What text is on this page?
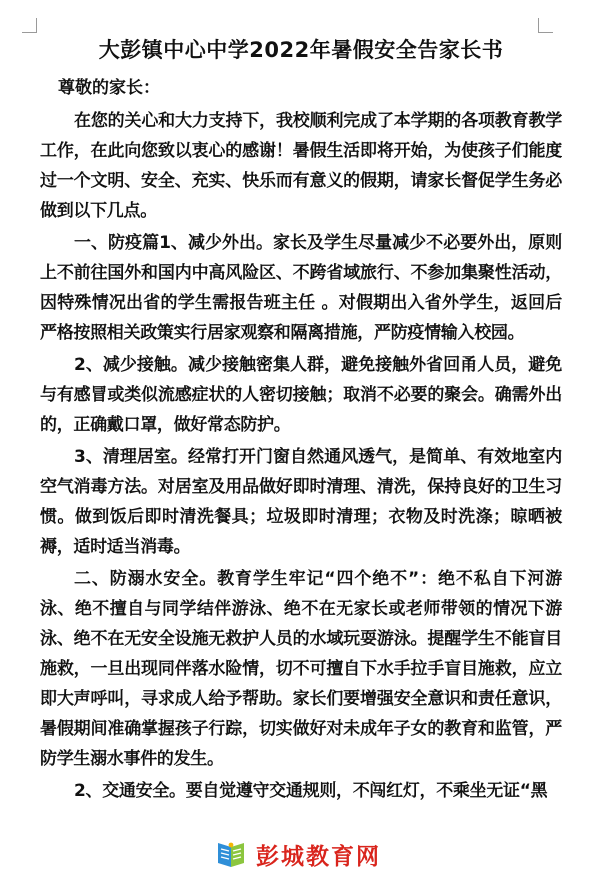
大彭镇中心中学2022年暑假安全告家长书
尊敬的家长：
在您的关心和大力支持下，我校顺利完成了本学期的各项教育教学工作，在此向您致以衷心的感谢！暑假生活即将开始，为使孩子们能度过一个文明、安全、充实、快乐而有意义的假期，请家长督促学生务必做到以下几点。
一、防疫篇1、减少外出。家长及学生尽量减少不必要外出，原则上不前往国外和国内中高风险区、不跨省域旅行、不参加集聚性活动，因特殊情况出省的学生需报告班主任 。对假期出入省外学生，返回后严格按照相关政策实行居家观察和隔离措施，严防疫情输入校园。
2、减少接触。减少接触密集人群，避免接触外省回甬人员，避免与有感冒或类似流感症状的人密切接触；取消不必要的聚会。确需外出的，正确戴口罩，做好常态防护。
3、清理居室。经常打开门窗自然通风透气，是简单、有效地室内空气消毒方法。对居室及用品做好即时清理、清洗，保持良好的卫生习惯。做到饭后即时清洗餐具；垃圾即时清理；衣物及时洗涤；晾晒被褥，适时适当消毒。
二、防溺水安全。教育学生牢记“四个绝不”：绝不私自下河游泳、绝不擅自与同学结伴游泳、绝不在无家长或老师带领的情况下游泳、绝不在无安全设施无救护人员的水域玩耍游泳。提醒学生不能盲目施救，一旦出现同伴落水险情，切不可擅自下水手拉手盲目施救，应立即大声呼叫，寻求成人给予帮助。家长们要增强安全意识和责任意识，暑假期间准确掌握孩子行踪，切实做好对未成年子女的教育和监管，严防学生溺水事件的发生。
2、交通安全。要自觉遵守交通规则，不闯红灯，不乘坐无证“黑
彭城教育网
